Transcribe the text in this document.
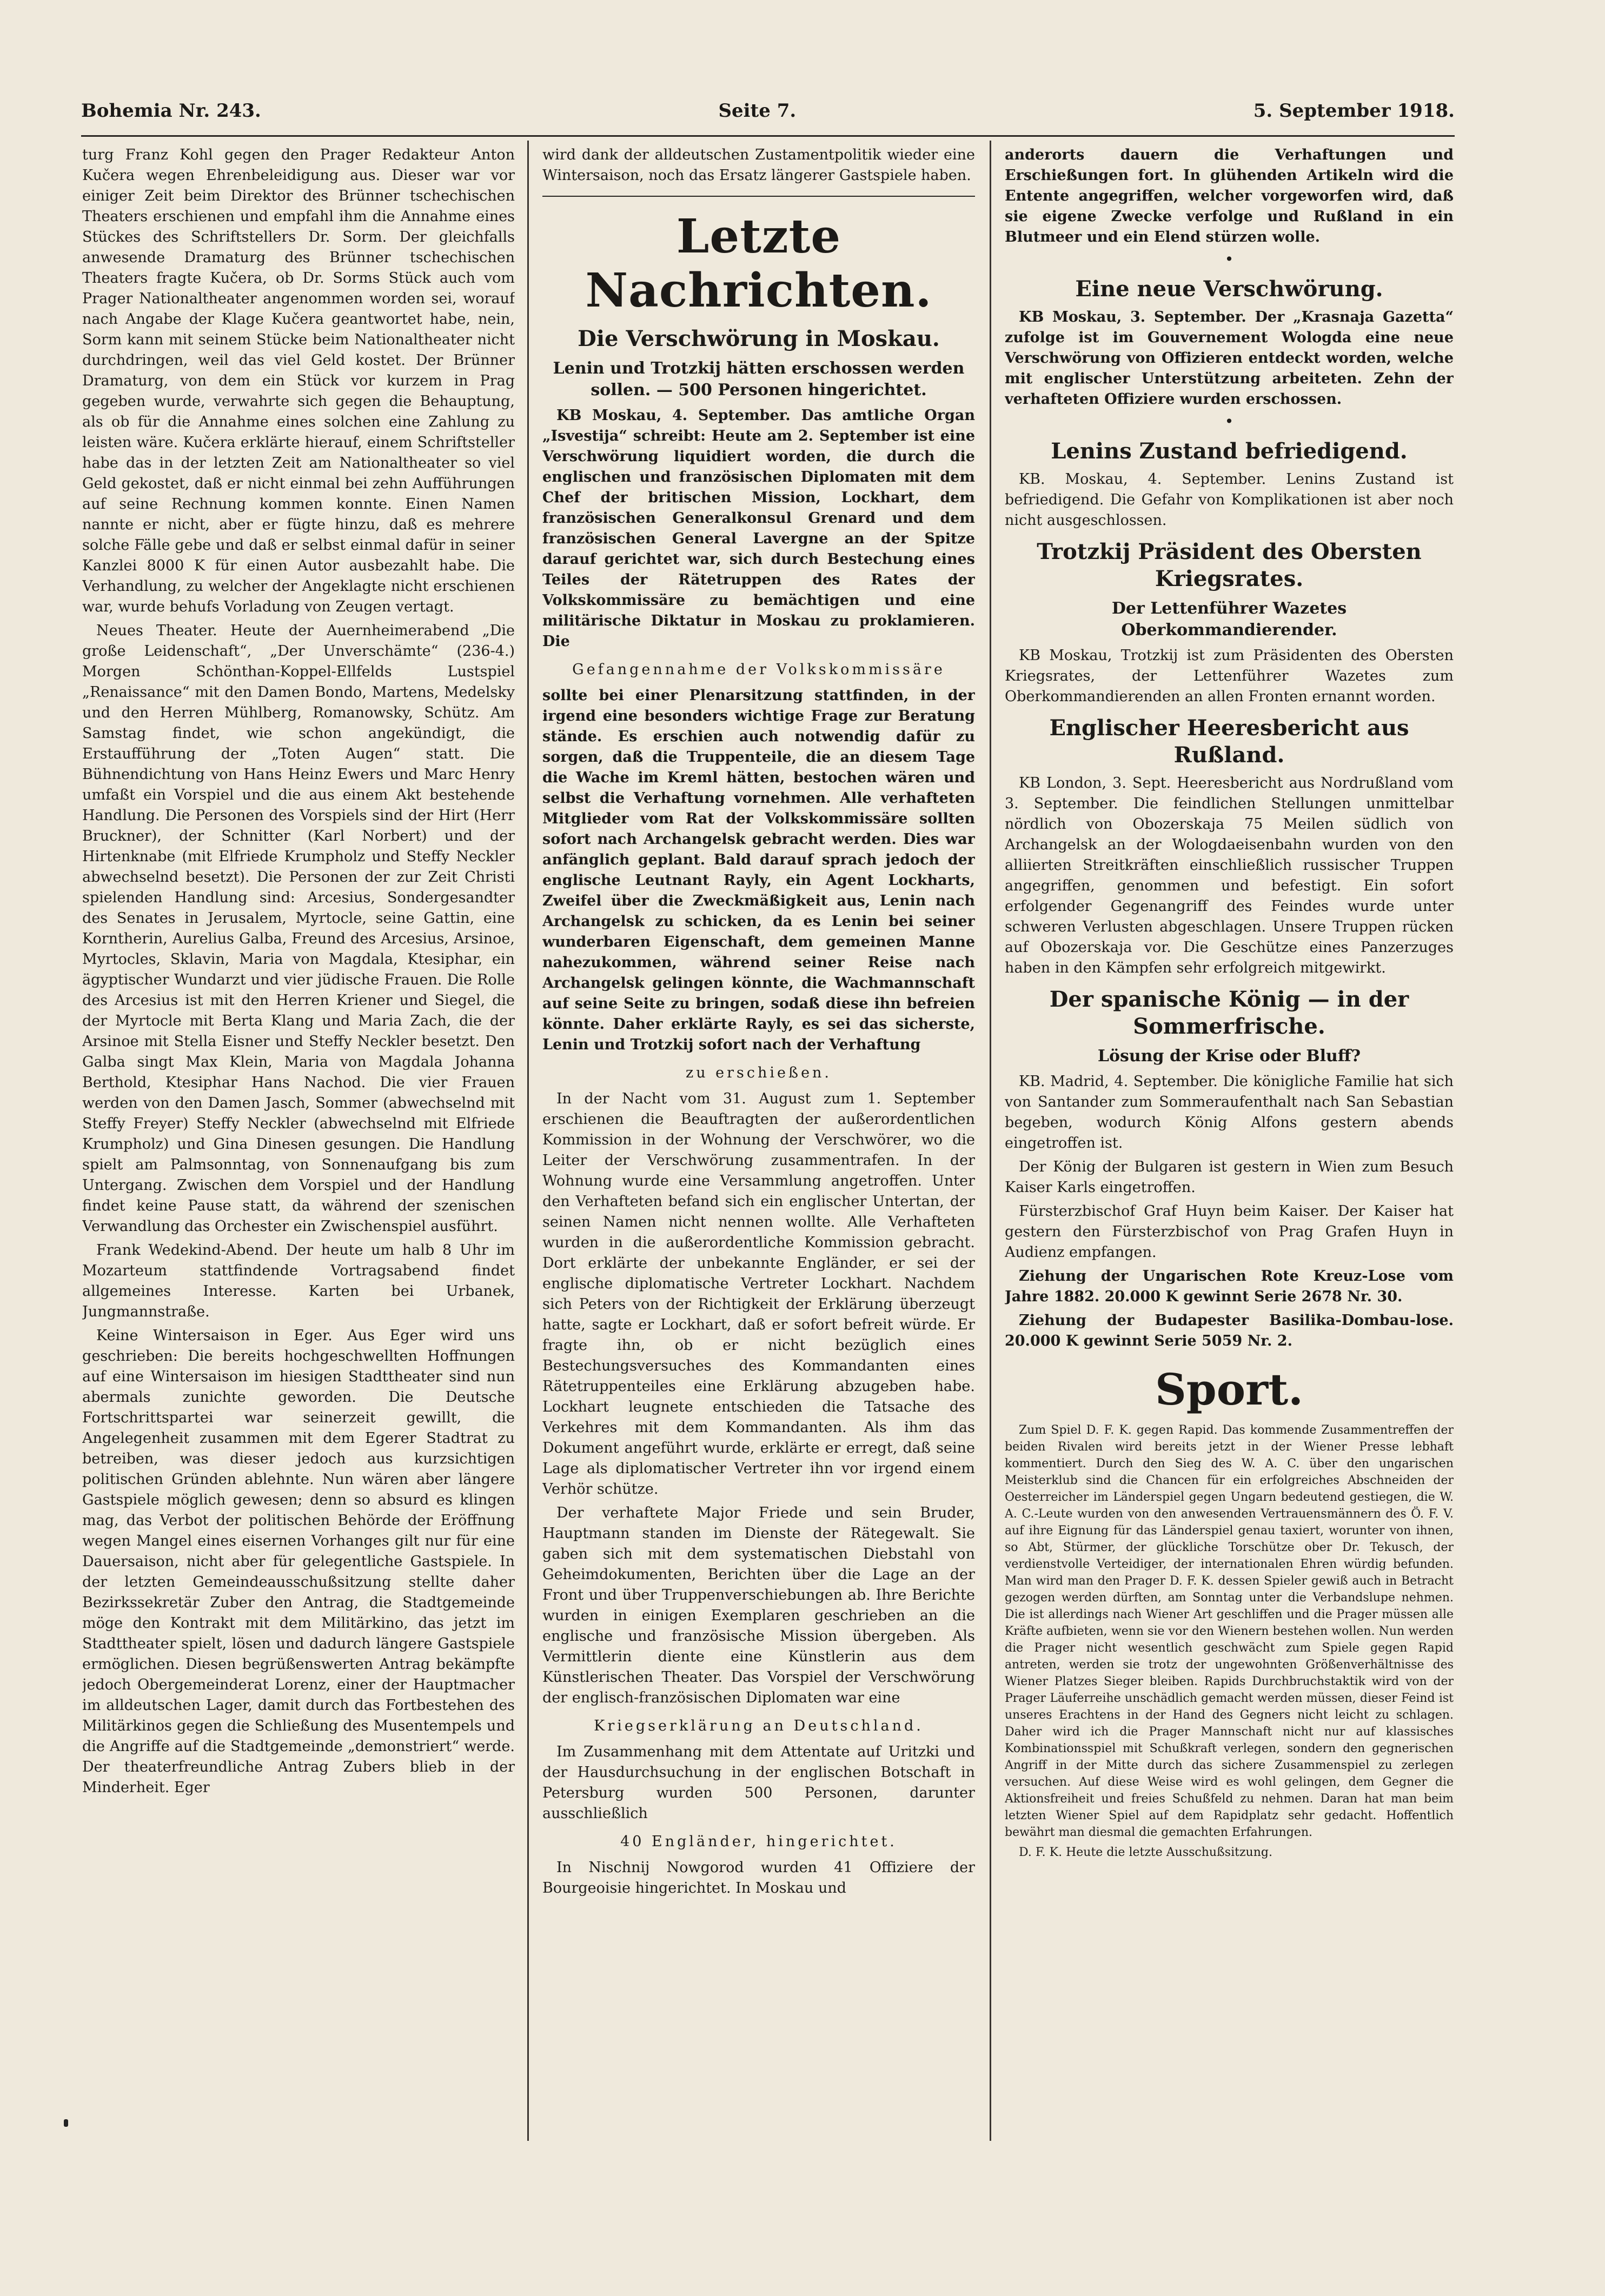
Bohemia Nr. 243.	Seite 7.	5. September 1918.

turg Franz Kohl gegen den Prager Redakteur Anton Kučera wegen Ehrenbeleidigung aus. Dieser war vor einiger Zeit beim Direktor des Brünner tschechischen Theaters erschienen und empfahl ihm die Annahme eines Stückes des Schriftstellers Dr. Sorm. Der gleichfalls anwesende Dramaturg des Brünner tschechischen Theaters fragte Kučera, ob Dr. Sorms Stück auch vom Prager Nationaltheater angenommen worden sei, worauf nach Angabe der Klage Kučera geantwortet habe, nein, Sorm kann mit seinem Stücke beim Nationaltheater nicht durchdringen, weil das viel Geld kostet. Der Brünner Dramaturg, von dem ein Stück vor kurzem in Prag gegeben wurde, verwahrte sich gegen die Behauptung, als ob für die Annahme eines solchen eine Zahlung zu leisten wäre. Kučera erklärte hierauf, einem Schriftsteller habe das in der letzten Zeit am Nationaltheater so viel Geld gekostet, daß er nicht einmal bei zehn Aufführungen auf seine Rechnung kommen konnte. Einen Namen nannte er nicht, aber er fügte hinzu, daß es mehrere solche Fälle gebe und daß er selbst einmal dafür in seiner Kanzlei 8000 K für einen Autor ausbezahlt habe. Die Verhandlung, zu welcher der Angeklagte nicht erschienen war, wurde behufs Vorladung von Zeugen vertagt.

Neues Theater. Heute der Auernheimerabend „Die große Leidenschaft“, „Der Unverschämte“ (236-4.) Morgen Schönthan-Koppel-Ellfelds Lustspiel „Renaissance“ mit den Damen Bondo, Martens, Medelsky und den Herren Mühlberg, Romanowsky, Schütz. Am Samstag findet, wie schon angekündigt, die Erstaufführung der „Toten Augen“ statt. Die Bühnendichtung von Hans Heinz Ewers und Marc Henry umfaßt ein Vorspiel und die aus einem Akt bestehende Handlung. Die Personen des Vorspiels sind der Hirt (Herr Bruckner), der Schnitter (Karl Norbert) und der Hirtenknabe (mit Elfriede Krumpholz und Steffy Neckler abwechselnd besetzt). Die Personen der zur Zeit Christi spielenden Handlung sind: Arcesius, Sondergesandter des Senates in Jerusalem, Myrtocle, seine Gattin, eine Korntherin, Aurelius Galba, Freund des Arcesius, Arsinoe, Myrtocles, Sklavin, Maria von Magdala, Ktesiphar, ein ägyptischer Wundarzt und vier jüdische Frauen. Die Rolle des Arcesius ist mit den Herren Kriener und Siegel, die der Myrtocle mit Berta Klang und Maria Zach, die der Arsinoe mit Stella Eisner und Steffy Neckler besetzt. Den Galba singt Max Klein, Maria von Magdala Johanna Berthold, Ktesiphar Hans Nachod. Die vier Frauen werden von den Damen Jasch, Sommer (abwechselnd mit Steffy Freyer) Steffy Neckler (abwechselnd mit Elfriede Krumpholz) und Gina Dinesen gesungen. Die Handlung spielt am Palmsonntag, von Sonnenaufgang bis zum Untergang. Zwischen dem Vorspiel und der Handlung findet keine Pause statt, da während der szenischen Verwandlung das Orchester ein Zwischenspiel ausführt.

Frank Wedekind-Abend. Der heute um halb 8 Uhr im Mozarteum stattfindende Vortragsabend findet allgemeines Interesse. Karten bei Urbanek, Jungmannstraße.

Keine Wintersaison in Eger. Aus Eger wird uns geschrieben: Die bereits hochgeschwellten Hoffnungen auf eine Wintersaison im hiesigen Stadttheater sind nun abermals zunichte geworden. Die Deutsche Fortschrittspartei war seinerzeit gewillt, die Angelegenheit zusammen mit dem Egerer Stadtrat zu betreiben, was dieser jedoch aus kurzsichtigen politischen Gründen ablehnte. Nun wären aber längere Gastspiele möglich gewesen; denn so absurd es klingen mag, das Verbot der politischen Behörde der Eröffnung wegen Mangel eines eisernen Vorhanges gilt nur für eine Dauersaison, nicht aber für gelegentliche Gastspiele. In der letzten Gemeindeausschußsitzung stellte daher Bezirkssekretär Zuber den Antrag, die Stadtgemeinde möge den Kontrakt mit dem Militärkino, das jetzt im Stadttheater spielt, lösen und dadurch längere Gastspiele ermöglichen. Diesen begrüßenswerten Antrag bekämpfte jedoch Obergemeinderat Lorenz, einer der Hauptmacher im alldeutschen Lager, damit durch das Fortbestehen des Militärkinos gegen die Schließung des Musentempels und die Angriffe auf die Stadtgemeinde „demonstriert“ werde. Der theaterfreundliche Antrag Zubers blieb in der Minderheit. Eger

wird dank der alldeutschen Zustamentpolitik wieder eine Wintersaison, noch das Ersatz längerer Gastspiele haben.

Letzte Nachrichten.
Die Verschwörung in Moskau.
Lenin und Trotzkij hätten erschossen werden sollen. — 500 Personen hingerichtet.

KB Moskau, 4. September. Das amtliche Organ „Isvestija“ schreibt: Heute am 2. September ist eine Verschwörung liquidiert worden, die durch die englischen und französischen Diplomaten mit dem Chef der britischen Mission, Lockhart, dem französischen Generalkonsul Grenard und dem französischen General Lavergne an der Spitze darauf gerichtet war, sich durch Bestechung eines Teiles der Rätetruppen des Rates der Volkskommissäre zu bemächtigen und eine militärische Diktatur in Moskau zu proklamieren. Die

Gefangennahme der Volkskommissäre

sollte bei einer Plenarsitzung stattfinden, in der irgend eine besonders wichtige Frage zur Beratung stände. Es erschien auch notwendig dafür zu sorgen, daß die Truppenteile, die an diesem Tage die Wache im Kreml hätten, bestochen wären und selbst die Verhaftung vornehmen. Alle verhafteten Mitglieder vom Rat der Volkskommissäre sollten sofort nach Archangelsk gebracht werden. Dies war anfänglich geplant. Bald darauf sprach jedoch der englische Leutnant Rayly, ein Agent Lockharts, Zweifel über die Zweckmäßigkeit aus, Lenin nach Archangelsk zu schicken, da es Lenin bei seiner wunderbaren Eigenschaft, dem gemeinen Manne nahezukommen, während seiner Reise nach Archangelsk gelingen könnte, die Wachmannschaft auf seine Seite zu bringen, sodaß diese ihn befreien könnte. Daher erklärte Rayly, es sei das sicherste, Lenin und Trotzkij sofort nach der Verhaftung

zu erschießen.

In der Nacht vom 31. August zum 1. September erschienen die Beauftragten der außerordentlichen Kommission in der Wohnung der Verschwörer, wo die Leiter der Verschwörung zusammentrafen. In der Wohnung wurde eine Versammlung angetroffen. Unter den Verhafteten befand sich ein englischer Untertan, der seinen Namen nicht nennen wollte. Alle Verhafteten wurden in die außerordentliche Kommission gebracht. Dort erklärte der unbekannte Engländer, er sei der englische diplomatische Vertreter Lockhart. Nachdem sich Peters von der Richtigkeit der Erklärung überzeugt hatte, sagte er Lockhart, daß er sofort befreit würde. Er fragte ihn, ob er nicht bezüglich eines Bestechungsversuches des Kommandanten eines Rätetruppenteiles eine Erklärung abzugeben habe. Lockhart leugnete entschieden die Tatsache des Verkehres mit dem Kommandanten. Als ihm das Dokument angeführt wurde, erklärte er erregt, daß seine Lage als diplomatischer Vertreter ihn vor irgend einem Verhör schütze.

Der verhaftete Major Friede und sein Bruder, Hauptmann standen im Dienste der Rätegewalt. Sie gaben sich mit dem systematischen Diebstahl von Geheimdokumenten, Berichten über die Lage an der Front und über Truppenverschiebungen ab. Ihre Berichte wurden in einigen Exemplaren geschrieben an die englische und französische Mission übergeben. Als Vermittlerin diente eine Künstlerin aus dem Künstlerischen Theater. Das Vorspiel der Verschwörung der englisch-französischen Diplomaten war eine

Kriegserklärung an Deutschland.

Im Zusammenhang mit dem Attentate auf Uritzki und der Hausdurchsuchung in der englischen Botschaft in Petersburg wurden 500 Personen, darunter ausschließlich

40 Engländer, hingerichtet.

In Nischnij Nowgorod wurden 41 Offiziere der Bourgeoisie hingerichtet. In Moskau und

anderorts dauern die Verhaftungen und Erschießungen fort. In glühenden Artikeln wird die Entente angegriffen, welcher vorgeworfen wird, daß sie eigene Zwecke verfolge und Rußland in ein Blutmeer und ein Elend stürzen wolle.

•
Eine neue Verschwörung.

KB Moskau, 3. September. Der „Krasnaja Gazetta“ zufolge ist im Gouvernement Wologda eine neue Verschwörung von Offizieren entdeckt worden, welche mit englischer Unterstützung arbeiteten. Zehn der verhafteten Offiziere wurden erschossen.

•
Lenins Zustand befriedigend.

KB. Moskau, 4. September. Lenins Zustand ist befriedigend. Die Gefahr von Komplikationen ist aber noch nicht ausgeschlossen.

Trotzkij Präsident des Obersten Kriegsrates.
Der Lettenführer Wazetes Oberkommandierender.

KB Moskau, Trotzkij ist zum Präsidenten des Obersten Kriegsrates, der Lettenführer Wazetes zum Oberkommandierenden an allen Fronten ernannt worden.

Englischer Heeresbericht aus Rußland.

KB London, 3. Sept. Heeresbericht aus Nordrußland vom 3. September. Die feindlichen Stellungen unmittelbar nördlich von Obozerskaja 75 Meilen südlich von Archangelsk an der Wologdaeisenbahn wurden von den alliierten Streitkräften einschließlich russischer Truppen angegriffen, genommen und befestigt. Ein sofort erfolgender Gegenangriff des Feindes wurde unter schweren Verlusten abgeschlagen. Unsere Truppen rücken auf Obozerskaja vor. Die Geschütze eines Panzerzuges haben in den Kämpfen sehr erfolgreich mitgewirkt.

Der spanische König — in der Sommerfrische.
Lösung der Krise oder Bluff?

KB. Madrid, 4. September. Die königliche Familie hat sich von Santander zum Sommeraufenthalt nach San Sebastian begeben, wodurch König Alfons gestern abends eingetroffen ist.

Der König der Bulgaren ist gestern in Wien zum Besuch Kaiser Karls eingetroffen.

Fürsterzbischof Graf Huyn beim Kaiser. Der Kaiser hat gestern den Fürsterzbischof von Prag Grafen Huyn in Audienz empfangen.

Ziehung der Ungarischen Rote Kreuz-Lose vom Jahre 1882. 20.000 K gewinnt Serie 2678 Nr. 30.

Ziehung der Budapester Basilika-Dombau-lose. 20.000 K gewinnt Serie 5059 Nr. 2.

Sport.

Zum Spiel D. F. K. gegen Rapid. Das kommende Zusammentreffen der beiden Rivalen wird bereits jetzt in der Wiener Presse lebhaft kommentiert. Durch den Sieg des W. A. C. über den ungarischen Meisterklub sind die Chancen für ein erfolgreiches Abschneiden der Oesterreicher im Länderspiel gegen Ungarn bedeutend gestiegen, die W. A. C.-Leute wurden von den anwesenden Vertrauensmännern des Ö. F. V. auf ihre Eignung für das Länderspiel genau taxiert, worunter von ihnen, so Abt, Stürmer, der glückliche Torschütze ober Dr. Tekusch, der verdienstvolle Verteidiger, der internationalen Ehren würdig befunden. Man wird man den Prager D. F. K. dessen Spieler gewiß auch in Betracht gezogen werden dürften, am Sonntag unter die Verbandslupe nehmen. Die ist allerdings nach Wiener Art geschliffen und die Prager müssen alle Kräfte aufbieten, wenn sie vor den Wienern bestehen wollen. Nun werden die Prager nicht wesentlich geschwächt zum Spiele gegen Rapid antreten, werden sie trotz der ungewohnten Größenverhältnisse des Wiener Platzes Sieger bleiben. Rapids Durchbruchstaktik wird von der Prager Läuferreihe unschädlich gemacht werden müssen, dieser Feind ist unseres Erachtens in der Hand des Gegners nicht leicht zu schlagen. Daher wird ich die Prager Mannschaft nicht nur auf klassisches Kombinationsspiel mit Schußkraft verlegen, sondern den gegnerischen Angriff in der Mitte durch das sichere Zusammenspiel zu zerlegen versuchen. Auf diese Weise wird es wohl gelingen, dem Gegner die Aktionsfreiheit und freies Schußfeld zu nehmen. Daran hat man beim letzten Wiener Spiel auf dem Rapidplatz sehr gedacht. Hoffentlich bewährt man diesmal die gemachten Erfahrungen.

D. F. K. Heute die letzte Ausschußsitzung.
